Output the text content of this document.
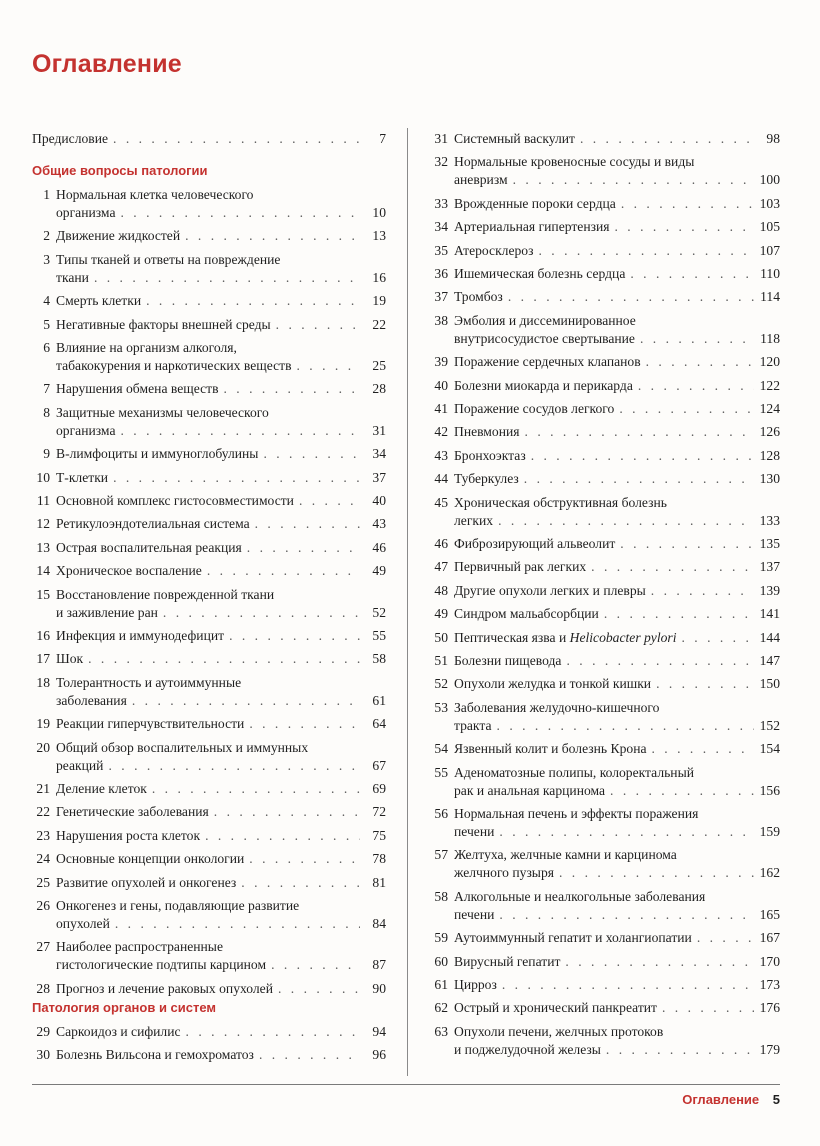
Оглавление
Предисловие . . .	7
Общие вопросы патологии
1 Нормальная клетка человеческого
организма . . .	10
2 Движение жидкостей . . .	13
3 Типы тканей и ответы на повреждение
ткани . . .	16
4 Смерть клетки . . .	19
5 Негативные факторы внешней среды . . .	22
6 Влияние на организм алкоголя,
табакокурения и наркотических веществ . . .	25
7 Нарушения обмена веществ . . .	28
8 Защитные механизмы человеческого
организма . . .	31
9 В-лимфоциты и иммуноглобулины . . .	34
10 Т-клетки . . .	37
11 Основной комплекс гистосовместимости . . .	40
12 Ретикулоэндотелиальная система . . .	43
13 Острая воспалительная реакция . . .	46
14 Хроническое воспаление . . .	49
15 Восстановление поврежденной ткани
и заживление ран . . .	52
16 Инфекция и иммунодефицит . . .	55
17 Шок . . .	58
18 Толерантность и аутоиммунные
заболевания . . .	61
19 Реакции гиперчувствительности . . .	64
20 Общий обзор воспалительных и иммунных
реакций . . .	67
21 Деление клеток . . .	69
22 Генетические заболевания . . .	72
23 Нарушения роста клеток . . .	75
24 Основные концепции онкологии . . .	78
25 Развитие опухолей и онкогенез . . .	81
26 Онкогенез и гены, подавляющие развитие
опухолей . . .	84
27 Наиболее распространенные
гистологические подтипы карцином . . .	87
28 Прогноз и лечение раковых опухолей . . .	90
Патология органов и систем
29 Саркоидоз и сифилис . . .	94
30 Болезнь Вильсона и гемохроматоз . . .	96
31 Системный васкулит . . .	98
32 Нормальные кровеносные сосуды и виды
аневризм . . .	100
33 Врожденные пороки сердца . . .	103
34 Артериальная гипертензия . . .	105
35 Атеросклероз . . .	107
36 Ишемическая болезнь сердца . . .	110
37 Тромбоз . . .	114
38 Эмболия и диссеминированное
внутрисосудистое свертывание . . .	118
39 Поражение сердечных клапанов . . .	120
40 Болезни миокарда и перикарда . . .	122
41 Поражение сосудов легкого . . .	124
42 Пневмония . . .	126
43 Бронхоэктаз . . .	128
44 Туберкулез . . .	130
45 Хроническая обструктивная болезнь
легких . . .	133
46 Фиброзирующий альвеолит . . .	135
47 Первичный рак легких . . .	137
48 Другие опухоли легких и плевры . . .	139
49 Синдром мальабсорбции . . .	141
50 Пептическая язва и Helicobacter pylori . . .	144
51 Болезни пищевода . . .	147
52 Опухоли желудка и тонкой кишки . . .	150
53 Заболевания желудочно-кишечного
тракта . . .	152
54 Язвенный колит и болезнь Крона . . .	154
55 Аденоматозные полипы, колоректальный
рак и анальная карцинома . . .	156
56 Нормальная печень и эффекты поражения
печени . . .	159
57 Желтуха, желчные камни и карцинома
желчного пузыря . . .	162
58 Алкогольные и неалкогольные заболевания
печени . . .	165
59 Аутоиммунный гепатит и холангиопатии . . .	167
60 Вирусный гепатит . . .	170
61 Цирроз . . .	173
62 Острый и хронический панкреатит . . .	176
63 Опухоли печени, желчных протоков
и поджелудочной железы . . .	179
Оглавление 5
